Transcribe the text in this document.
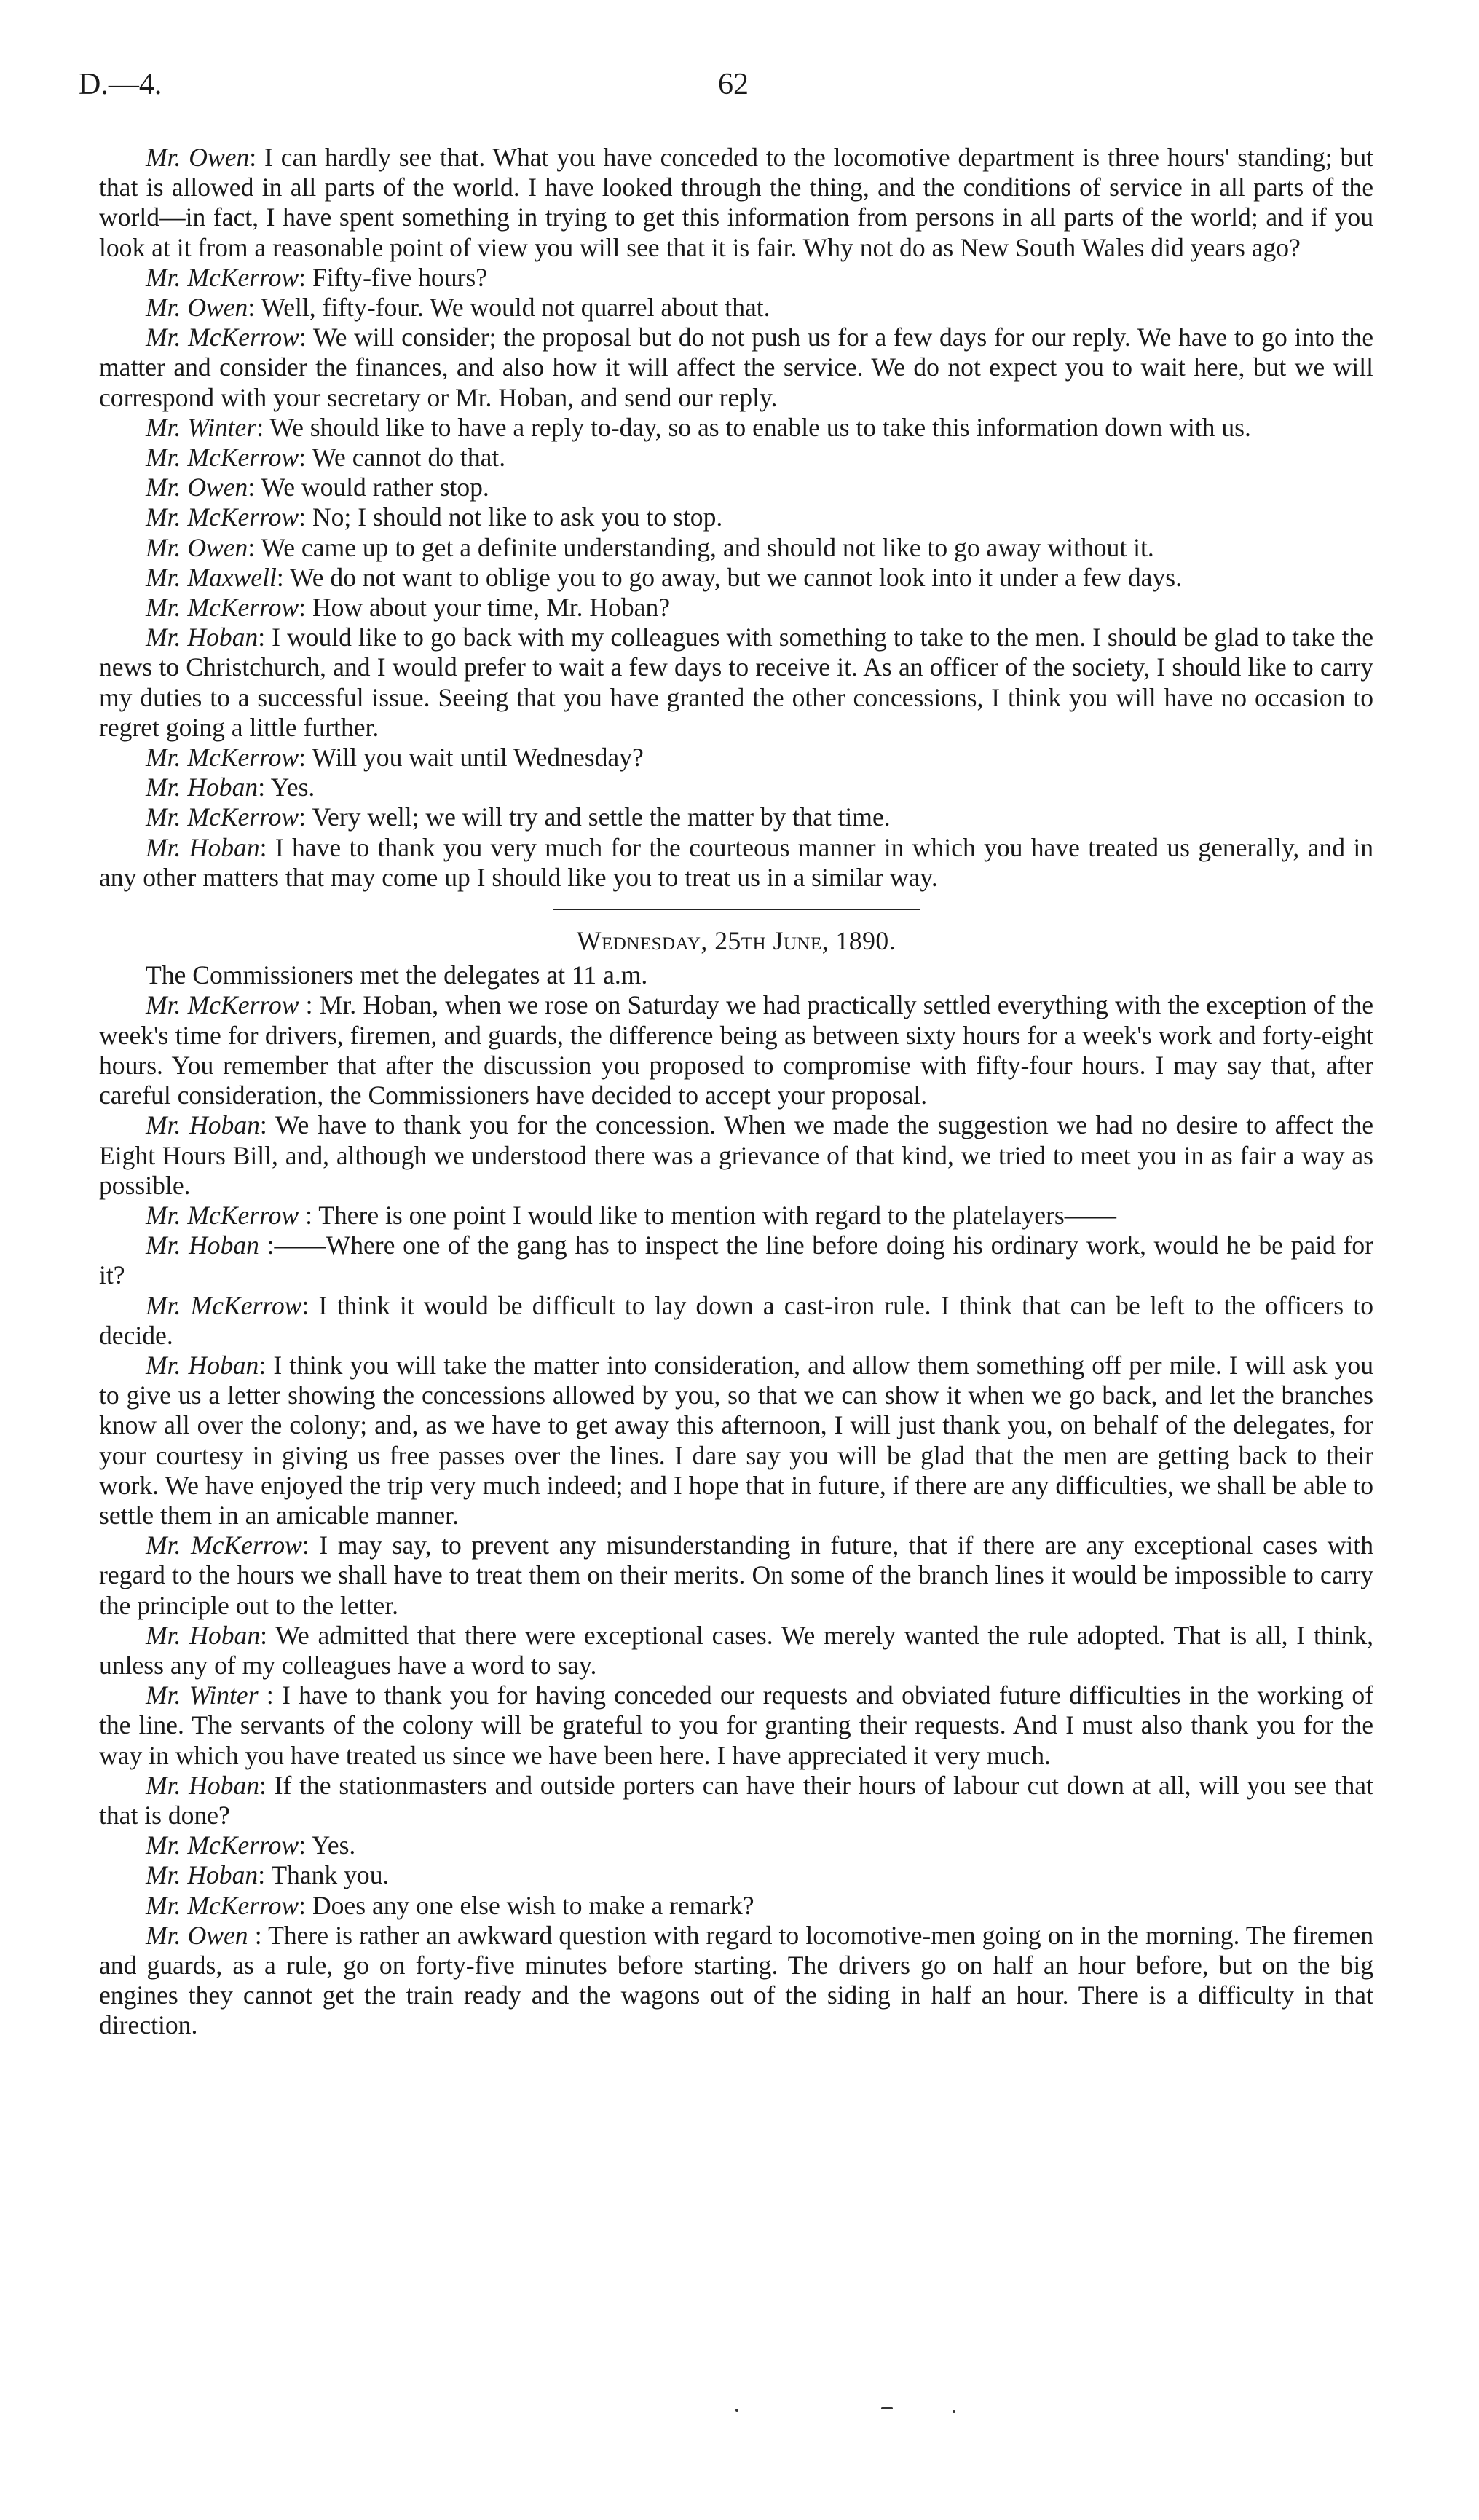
D.—4.	62
Mr. Owen: I can hardly see that. What you have conceded to the locomotive department is three hours' standing; but that is allowed in all parts of the world. I have looked through the thing, and the conditions of service in all parts of the world—in fact, I have spent something in trying to get this information from persons in all parts of the world; and if you look at it from a reasonable point of view you will see that it is fair. Why not do as New South Wales did years ago?
Mr. McKerrow: Fifty-five hours?
Mr. Owen: Well, fifty-four. We would not quarrel about that.
Mr. McKerrow: We will consider; the proposal but do not push us for a few days for our reply. We have to go into the matter and consider the finances, and also how it will affect the service. We do not expect you to wait here, but we will correspond with your secretary or Mr. Hoban, and send our reply.
Mr. Winter: We should like to have a reply to-day, so as to enable us to take this information down with us.
Mr. McKerrow: We cannot do that.
Mr. Owen: We would rather stop.
Mr. McKerrow: No; I should not like to ask you to stop.
Mr. Owen: We came up to get a definite understanding, and should not like to go away without it.
Mr. Maxwell: We do not want to oblige you to go away, but we cannot look into it under a few days.
Mr. McKerrow: How about your time, Mr. Hoban?
Mr. Hoban: I would like to go back with my colleagues with something to take to the men. I should be glad to take the news to Christchurch, and I would prefer to wait a few days to receive it. As an officer of the society, I should like to carry my duties to a successful issue. Seeing that you have granted the other concessions, I think you will have no occasion to regret going a little further.
Mr. McKerrow: Will you wait until Wednesday?
Mr. Hoban: Yes.
Mr. McKerrow: Very well; we will try and settle the matter by that time.
Mr. Hoban: I have to thank you very much for the courteous manner in which you have treated us generally, and in any other matters that may come up I should like you to treat us in a similar way.
Wednesday, 25th June, 1890.
The Commissioners met the delegates at 11 a.m.
Mr. McKerrow : Mr. Hoban, when we rose on Saturday we had practically settled everything with the exception of the week's time for drivers, firemen, and guards, the difference being as between sixty hours for a week's work and forty-eight hours. You remember that after the discussion you proposed to compromise with fifty-four hours. I may say that, after careful consideration, the Commissioners have decided to accept your proposal.
Mr. Hoban: We have to thank you for the concession. When we made the suggestion we had no desire to affect the Eight Hours Bill, and, although we understood there was a grievance of that kind, we tried to meet you in as fair a way as possible.
Mr. McKerrow : There is one point I would like to mention with regard to the platelayers——
Mr. Hoban :——Where one of the gang has to inspect the line before doing his ordinary work, would he be paid for it?
Mr. McKerrow: I think it would be difficult to lay down a cast-iron rule. I think that can be left to the officers to decide.
Mr. Hoban: I think you will take the matter into consideration, and allow them something off per mile. I will ask you to give us a letter showing the concessions allowed by you, so that we can show it when we go back, and let the branches know all over the colony; and, as we have to get away this afternoon, I will just thank you, on behalf of the delegates, for your courtesy in giving us free passes over the lines. I dare say you will be glad that the men are getting back to their work. We have enjoyed the trip very much indeed; and I hope that in future, if there are any difficulties, we shall be able to settle them in an amicable manner.
Mr. McKerrow: I may say, to prevent any misunderstanding in future, that if there are any exceptional cases with regard to the hours we shall have to treat them on their merits. On some of the branch lines it would be impossible to carry the principle out to the letter.
Mr. Hoban: We admitted that there were exceptional cases. We merely wanted the rule adopted. That is all, I think, unless any of my colleagues have a word to say.
Mr. Winter : I have to thank you for having conceded our requests and obviated future difficulties in the working of the line. The servants of the colony will be grateful to you for granting their requests. And I must also thank you for the way in which you have treated us since we have been here. I have appreciated it very much.
Mr. Hoban: If the stationmasters and outside porters can have their hours of labour cut down at all, will you see that that is done?
Mr. McKerrow: Yes.
Mr. Hoban: Thank you.
Mr. McKerrow: Does any one else wish to make a remark?
Mr. Owen : There is rather an awkward question with regard to locomotive-men going on in the morning. The firemen and guards, as a rule, go on forty-five minutes before starting. The drivers go on half an hour before, but on the big engines they cannot get the train ready and the wagons out of the siding in half an hour. There is a difficulty in that direction.
